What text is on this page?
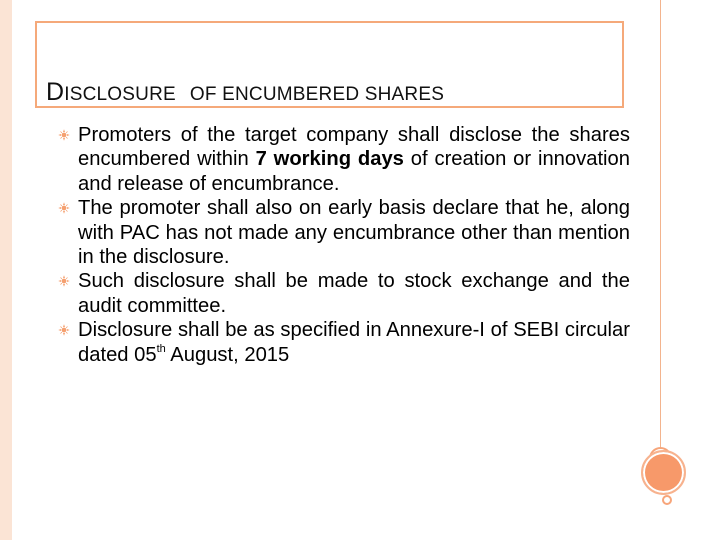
DISCLOSURE OF ENCUMBERED SHARES
Promoters of the target company shall disclose the shares encumbered within 7 working days of creation or innovation and release of encumbrance.
The promoter shall also on early basis declare that he, along with PAC has not made any encumbrance other than mention in the disclosure.
Such disclosure shall be made to stock exchange and the audit committee.
Disclosure shall be as specified in Annexure-I of SEBI circular dated 05th August, 2015
